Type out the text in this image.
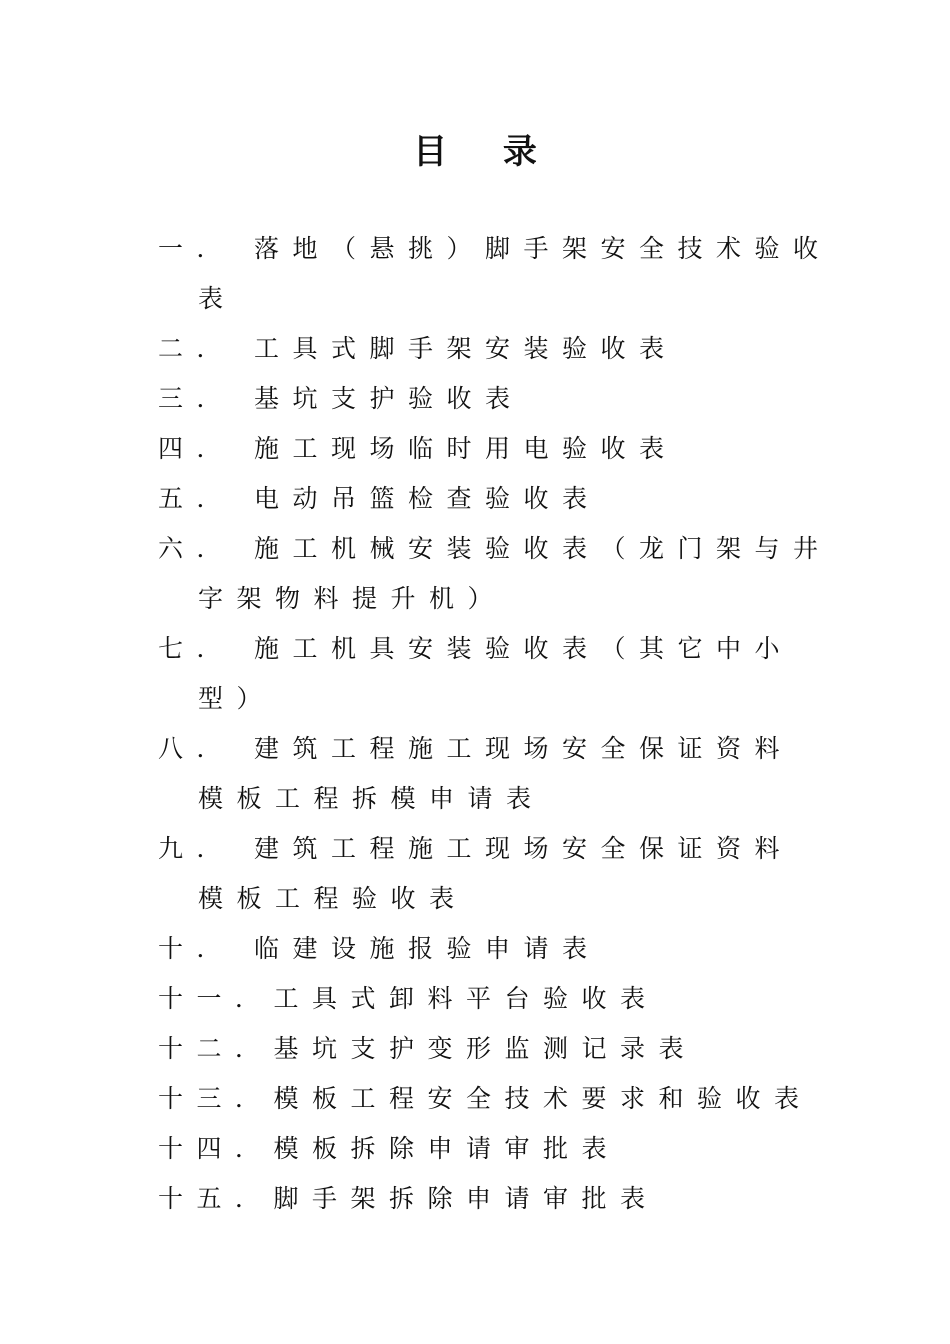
目 录
一． 落地（悬挑）脚手架安全技术验收
表
二． 工具式脚手架安装验收表
三． 基坑支护验收表
四． 施工现场临时用电验收表
五． 电动吊篮检查验收表
六． 施工机械安装验收表（龙门架与井
字架物料提升机）
七． 施工机具安装验收表（其它中小
型）
八． 建筑工程施工现场安全保证资料
模板工程拆模申请表
九． 建筑工程施工现场安全保证资料
模板工程验收表
十． 临建设施报验申请表
十一．工具式卸料平台验收表
十二．基坑支护变形监测记录表
十三．模板工程安全技术要求和验收表
十四．模板拆除申请审批表
十五．脚手架拆除申请审批表
